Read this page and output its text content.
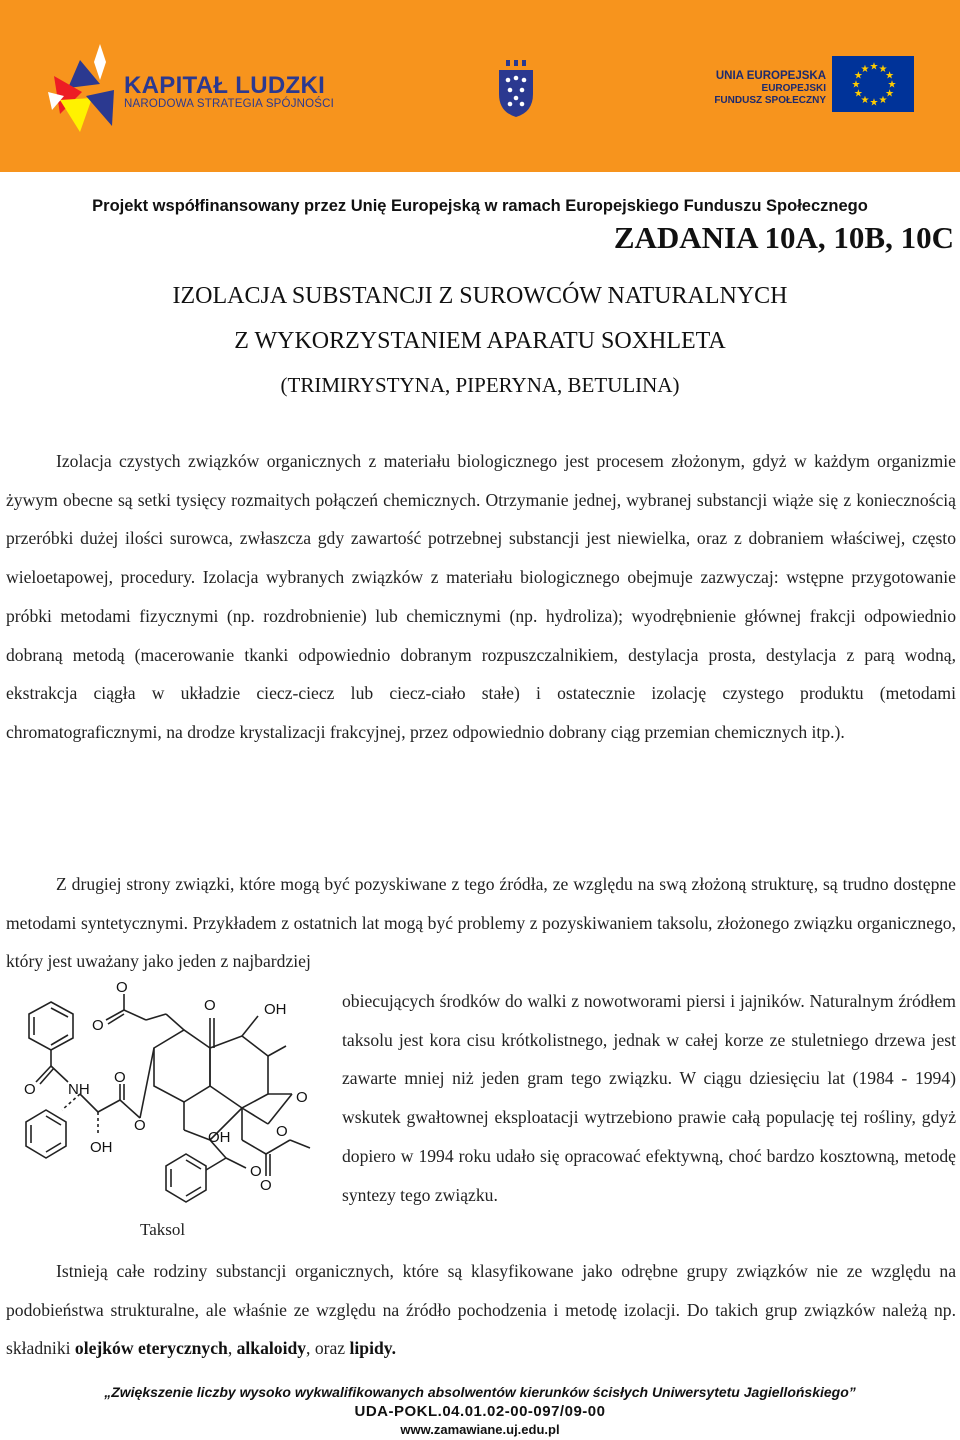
KAPITAŁ LUDZKI
NARODOWA STRATEGIA SPÓJNOŚCI
UNIA EUROPEJSKA
EUROPEJSKI
FUNDUSZ SPOŁECZNY
★
★
★
★
★
★
★
★
★ ★ ★
★
Projekt współfinansowany przez Unię Europejską w ramach Europejskiego Funduszu Społecznego
ZADANIA 10A, 10B, 10C
IZOLACJA SUBSTANCJI Z SUROWCÓW NATURALNYCH
Z WYKORZYSTANIEM APARATU SOXHLETA
(TRIMIRYSTYNA, PIPERYNA, BETULINA)

Izolacja czystych związków organicznych z materiału biologicznego jest procesem złożonym, gdyż w każdym organizmie żywym obecne są setki tysięcy rozmaitych połączeń chemicznych. Otrzymanie jednej, wybranej substancji wiąże się z koniecznością przeróbki dużej ilości surowca, zwłaszcza gdy zawartość potrzebnej substancji jest niewielka, oraz z dobraniem właściwej, często wieloetapowej, procedury. Izolacja wybranych związków z materiału biologicznego obejmuje zazwyczaj: wstępne przygotowanie próbki metodami fizycznymi (np. rozdrobnienie) lub chemicznymi (np. hydroliza); wyodrębnienie głównej frakcji odpowiednio dobraną metodą (macerowanie tkanki odpowiednio dobranym rozpuszczalnikiem, destylacja prosta, destylacja z parą wodną, ekstrakcja ciągła w układzie ciecz-ciecz lub ciecz-ciało stałe) i ostatecznie izolację czystego produktu (metodami chromatograficznymi, na drodze krystalizacji frakcyjnej, przez odpowiednio dobrany ciąg przemian chemicznych itp.).

Z drugiej strony związki, które mogą być pozyskiwane z tego źródła, ze względu na swą złożoną strukturę, są trudno dostępne metodami syntetycznymi. Przykładem z ostatnich lat mogą być problemy z pozyskiwaniem taksolu, złożonego związku organicznego, który jest uważany jako jeden z najbardziej

obiecujących środków do walki z nowotworami piersi i jajników. Naturalnym źródłem taksolu jest kora cisu krótkolistnego, jednak w całej korze ze stuletniego drzewa jest zawarte mniej niż jeden gram tego związku. W ciągu dziesięciu lat (1984 - 1994) wskutek gwałtownej eksploatacji wytrzebiono prawie całą populację tej rośliny, gdyż dopiero w 1994 roku udało się opracować efektywną, choć bardzo kosztowną, metodę syntezy tego związku.

O NH
O
O
OH
O	OH
O
O
O
OH
O
O
O
Taksol

Istnieją całe rodziny substancji organicznych, które są klasyfikowane jako odrębne grupy związków nie ze względu na podobieństwa strukturalne, ale właśnie ze względu na źródło pochodzenia i metodę izolacji. Do takich grup związków należą np. składniki olejków eterycznych, alkaloidy, oraz lipidy.

„Zwiększenie liczby wysoko wykwalifikowanych absolwentów kierunków ścisłych Uniwersytetu Jagiellońskiego”
UDA-POKL.04.01.02-00-097/09-00
www.zamawiane.uj.edu.pl
